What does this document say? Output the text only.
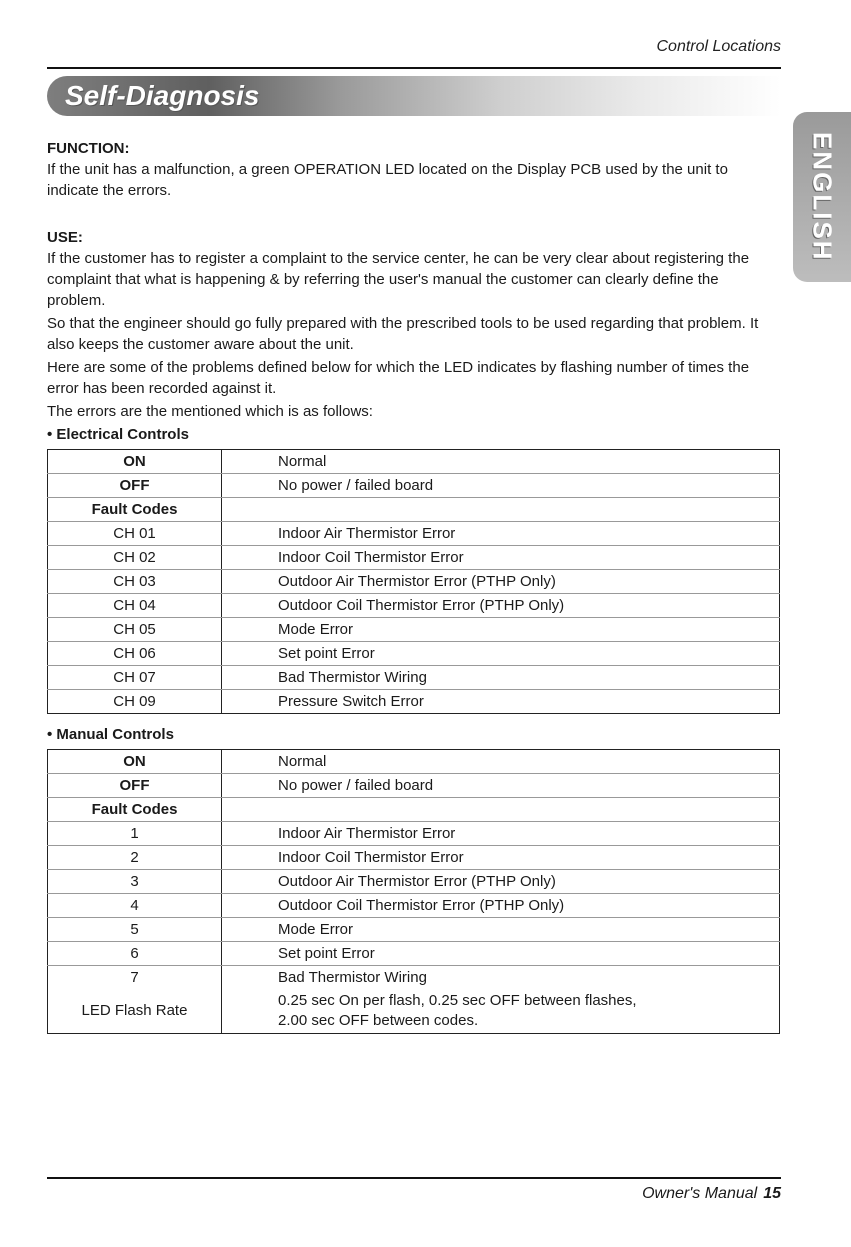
Control Locations
Self-Diagnosis
ENGLISH
FUNCTION:

If the unit has a malfunction, a green OPERATION LED located on the Display PCB used by the unit to indicate the errors.

USE:

If the customer has to register a complaint to the service center, he can be very clear about registering the complaint that what is happening & by referring the user's manual the customer can clearly define the problem.

So that the engineer should go fully prepared with the prescribed tools to be used regarding that problem. It also keeps the customer aware about the unit.

Here are some of the problems defined below for which the LED indicates by flashing number of times the error has been recorded against it.

The errors are the mentioned which is as follows:

• Electrical Controls
ON	Normal
OFF	No power / failed board
Fault Codes	
CH 01	Indoor Air Thermistor Error
CH 02	Indoor Coil Thermistor Error
CH 03	Outdoor Air Thermistor Error (PTHP Only)
CH 04	Outdoor Coil Thermistor Error (PTHP Only)
CH 05	Mode Error
CH 06	Set point Error
CH 07	Bad Thermistor Wiring
CH 09	Pressure Switch Error
• Manual Controls
ON	Normal
OFF	No power / failed board
Fault Codes	
1	Indoor Air Thermistor Error
2	Indoor Coil Thermistor Error
3	Outdoor Air Thermistor Error (PTHP Only)
4	Outdoor Coil Thermistor Error (PTHP Only)
5	Mode Error
6	Set point Error
7	Bad Thermistor Wiring
LED Flash Rate	0.25 sec On per flash, 0.25 sec OFF between flashes,
2.00 sec OFF between codes.
Owner's Manual 15
